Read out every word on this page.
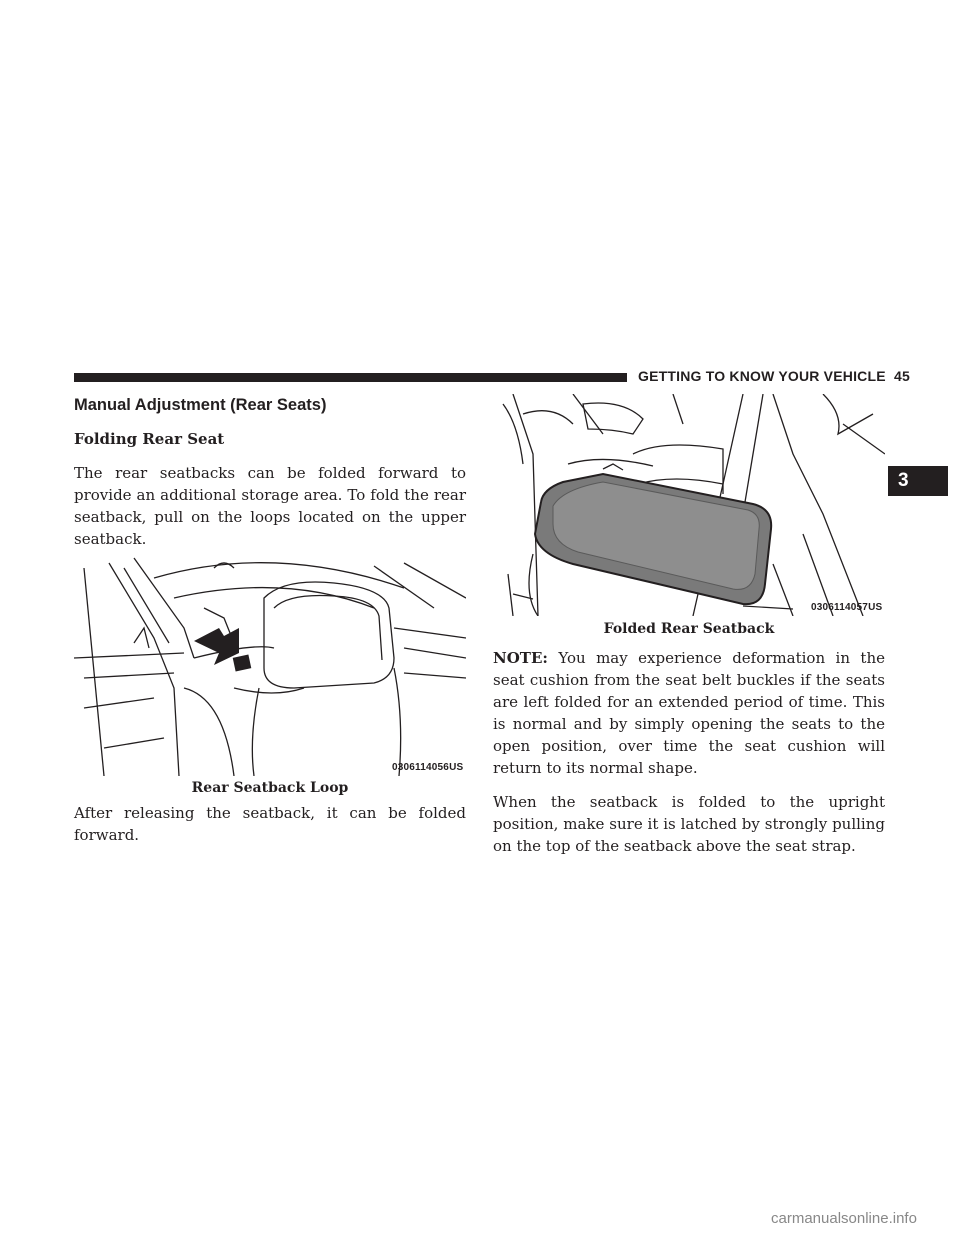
GETTING TO KNOW YOUR VEHICLE 45
3
Manual Adjustment (Rear Seats)
Folding Rear Seat

The rear seatbacks can be folded forward to provide an additional storage area. To fold the rear seatback, pull on the loops located on the upper seatback.

0306114056US
Rear Seatback Loop

After releasing the seatback, it can be folded forward.

0306114057US
Folded Rear Seatback

NOTE: You may experience deformation in the seat cushion from the seat belt buckles if the seats are left folded for an extended period of time. This is normal and by simply opening the seats to the open position, over time the seat cushion will return to its normal shape.

When the seatback is folded to the upright position, make sure it is latched by strongly pulling on the top of the seatback above the seat strap.

carmanualsonline.info
